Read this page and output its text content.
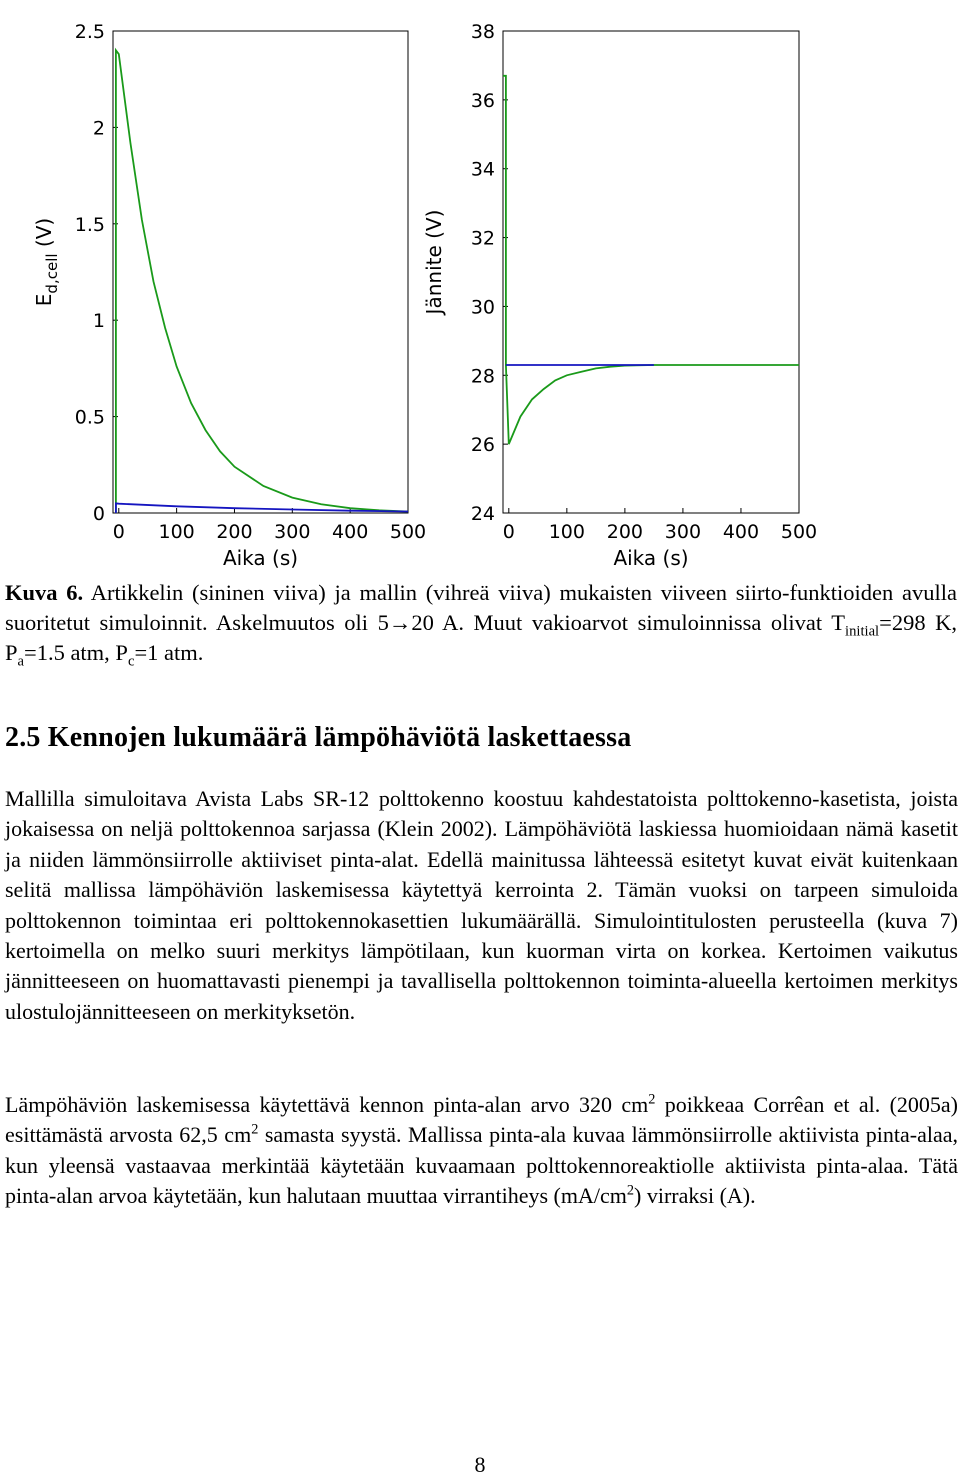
0 100 200 300 400 500
0
0.5
1
1.5
2
2.5
Aika (s)
$E_{d,cell}$ (V)
0 100 200 300 400 500
24
26
28
30
32
34
36
38
Aika (s)
Jännite (V)
Kuva 6. Artikkelin (sininen viiva) ja mallin (vihreä viiva) mukaisten viiveen siirto-funktioiden avulla suoritetut simuloinnit. Askelmuutos oli 5→20 A. Muut vakioarvot simuloinnissa olivat $T_{initial}=298$ K, $P_a=1.5$ atm, $P_c=1$ atm.
2.5 Kennojen lukumäärä lämpöhäviötä laskettaessa

Mallilla simuloitava Avista Labs SR-12 polttokenno koostuu kahdestatoista polttokenno-kasetista, joista jokaisessa on neljä polttokennoa sarjassa (Klein 2002). Lämpöhäviötä laskiessa huomioidaan nämä kasetit ja niiden lämmönsiirrolle aktiiviset pinta-alat. Edellä mainitussa lähteessä esitetyt kuvat eivät kuitenkaan selitä mallissa lämpöhäviön laskemisessa käytettyä kerrointa 2. Tämän vuoksi on tarpeen simuloida polttokennon toimintaa eri polttokennokasettien lukumäärällä. Simulointitulosten perusteella (kuva 7) kertoimella on melko suuri merkitys lämpötilaan, kun kuorman virta on korkea. Kertoimen vaikutus jännitteeseen on huomattavasti pienempi ja tavallisella polttokennon toiminta-alueella kertoimen merkitys ulostulojännitteeseen on merkityksetön.

Lämpöhäviön laskemisessa käytettävä kennon pinta-alan arvo 320 $cm^2$ poikkeaa Corrêan et al. (2005a) esittämästä arvosta 62,5 $cm^2$ samasta syystä. Mallissa pinta-ala kuvaa lämmönsiirrolle aktiivista pinta-alaa, kun yleensä vastaavaa merkintää käytetään kuvaamaan polttokennoreaktiolle aktiivista pinta-alaa. Tätä pinta-alan arvoa käytetään, kun halutaan muuttaa virrantiheys $(mA/cm^2)$ virraksi (A).

8
